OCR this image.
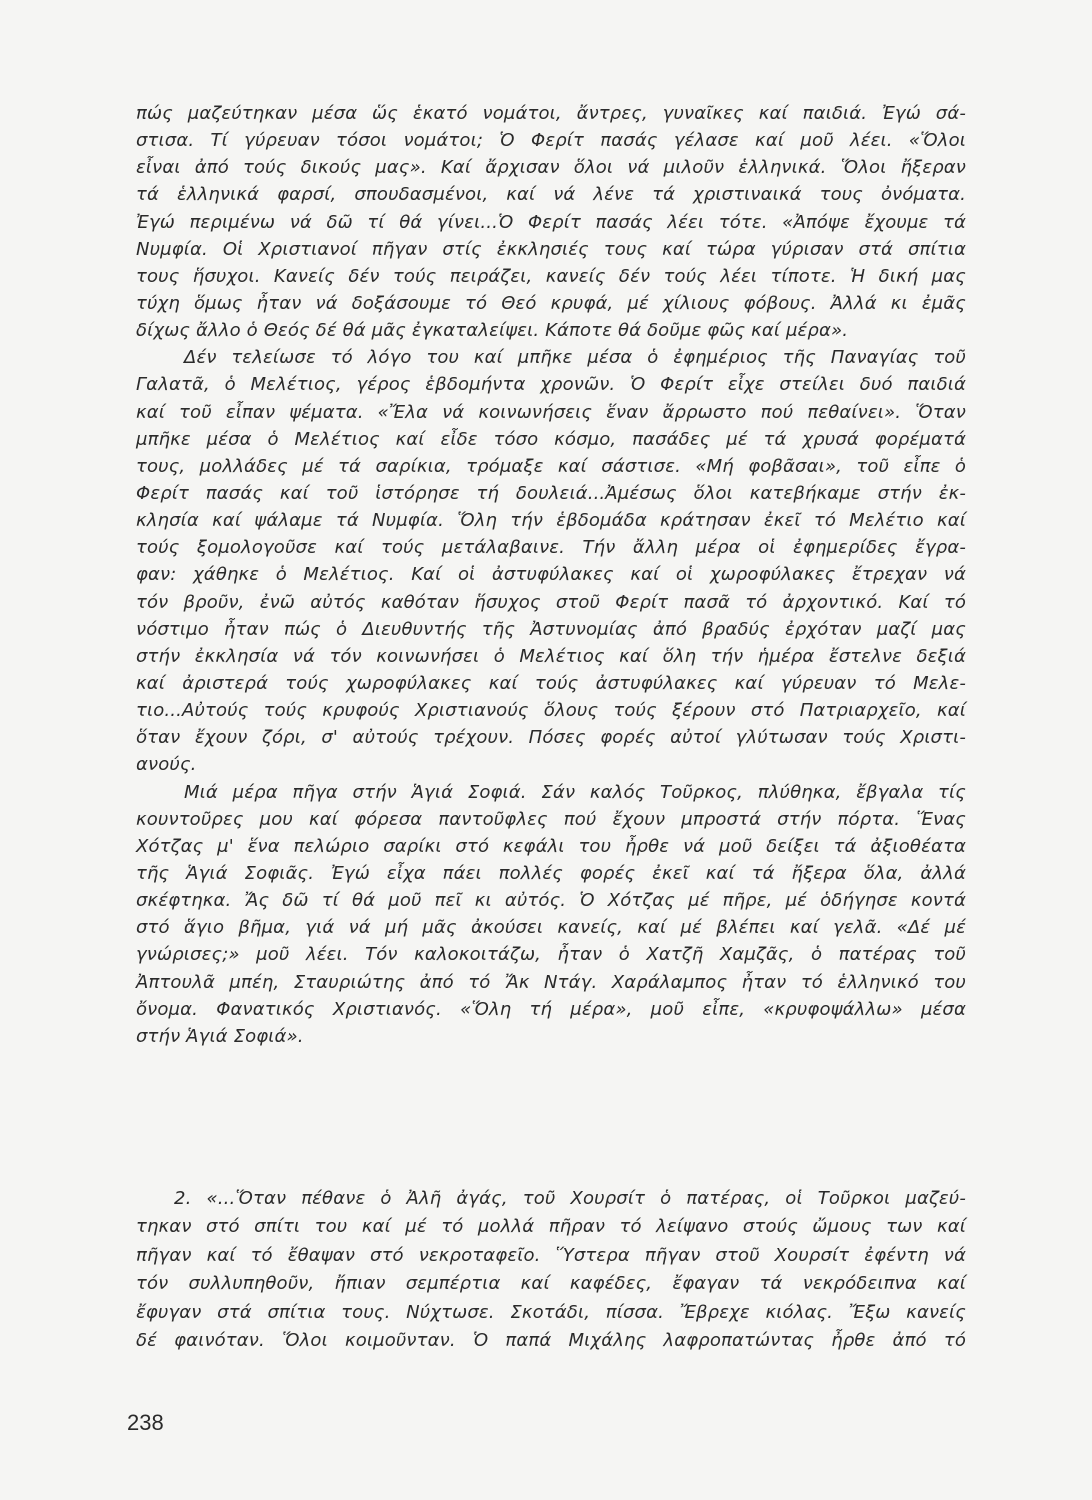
πώς μαζεύτηκαν μέσα ὥς ἑκατό νομάτοι, ἄντρες, γυναῖκες καί παιδιά. Ἐγώ σά-
στισα. Τί γύρευαν τόσοι νομάτοι; Ὁ Φερίτ πασάς γέλασε καί μοῦ λέει. «Ὅλοι
εἶναι ἀπό τούς δικούς μας». Καί ἄρχισαν ὅλοι νά μιλοῦν ἑλληνικά. Ὅλοι ἤξεραν
τά ἑλληνικά φαρσί, σπουδασμένοι, καί νά λένε τά χριστιναικά τους ὀνόματα.
Ἐγώ περιμένω νά δῶ τί θά γίνει...Ὁ Φερίτ πασάς λέει τότε. «Ἀπόψε ἔχουμε τά
Νυμφία. Οἱ Χριστιανοί πῆγαν στίς ἐκκλησιές τους καί τώρα γύρισαν στά σπίτια
τους ἥσυχοι. Κανείς δέν τούς πειράζει, κανείς δέν τούς λέει τίποτε. Ἡ δική μας
τύχη ὅμως ἦταν νά δοξάσουμε τό Θεό κρυφά, μέ χίλιους φόβους. Ἀλλά κι ἐμᾶς
δίχως ἄλλο ὁ Θεός δέ θά μᾶς ἐγκαταλείψει. Κάποτε θά δοῦμε φῶς καί μέρα».
Δέν τελείωσε τό λόγο του καί μπῆκε μέσα ὁ ἐφημέριος τῆς Παναγίας τοῦ
Γαλατᾶ, ὁ Μελέτιος, γέρος ἑβδομήντα χρονῶν. Ὁ Φερίτ εἶχε στείλει δυό παιδιά
καί τοῦ εἶπαν ψέματα. «Ἔλα νά κοινωνήσεις ἕναν ἄρρωστο πού πεθαίνει». Ὅταν
μπῆκε μέσα ὁ Μελέτιος καί εἶδε τόσο κόσμο, πασάδες μέ τά χρυσά φορέματά
τους, μολλάδες μέ τά σαρίκια, τρόμαξε καί σάστισε. «Μή φοβᾶσαι», τοῦ εἶπε ὁ
Φερίτ πασάς καί τοῦ ἱστόρησε τή δουλειά...Ἀμέσως ὅλοι κατεβήκαμε στήν ἐκ-
κλησία καί ψάλαμε τά Νυμφία. Ὅλη τήν ἑβδομάδα κράτησαν ἐκεῖ τό Μελέτιο καί
τούς ξομολογοῦσε καί τούς μετάλαβαινε. Τήν ἄλλη μέρα οἱ ἐφημερίδες ἔγρα-
φαν: χάθηκε ὁ Μελέτιος. Καί οἱ ἀστυφύλακες καί οἱ χωροφύλακες ἔτρεχαν νά
τόν βροῦν, ἐνῶ αὐτός καθόταν ἥσυχος στοῦ Φερίτ πασᾶ τό ἀρχοντικό. Καί τό
νόστιμο ἦταν πώς ὁ Διευθυντής τῆς Ἀστυνομίας ἀπό βραδύς ἐρχόταν μαζί μας
στήν ἐκκλησία νά τόν κοινωνήσει ὁ Μελέτιος καί ὅλη τήν ἡμέρα ἔστελνε δεξιά
καί ἀριστερά τούς χωροφύλακες καί τούς ἀστυφύλακες καί γύρευαν τό Μελε-
τιο...Αὐτούς τούς κρυφούς Χριστιανούς ὅλους τούς ξέρουν στό Πατριαρχεῖο, καί
ὅταν ἔχουν ζόρι, σ' αὐτούς τρέχουν. Πόσες φορές αὐτοί γλύτωσαν τούς Χριστι-
ανούς.
Μιά μέρα πῆγα στήν Ἁγιά Σοφιά. Σάν καλός Τοῦρκος, πλύθηκα, ἔβγαλα τίς
κουντοῦρες μου καί φόρεσα παντοῦφλες πού ἔχουν μπροστά στήν πόρτα. Ἕνας
Χότζας μ' ἕνα πελώριο σαρίκι στό κεφάλι του ἦρθε νά μοῦ δείξει τά ἀξιοθέατα
τῆς Ἁγιά Σοφιᾶς. Ἐγώ εἶχα πάει πολλές φορές ἐκεῖ καί τά ἤξερα ὅλα, ἀλλά
σκέφτηκα. Ἄς δῶ τί θά μοῦ πεῖ κι αὐτός. Ὁ Χότζας μέ πῆρε, μέ ὁδήγησε κοντά
στό ἅγιο βῆμα, γιά νά μή μᾶς ἀκούσει κανείς, καί μέ βλέπει καί γελᾶ. «Δέ μέ
γνώρισες;» μοῦ λέει. Τόν καλοκοιτάζω, ἦταν ὁ Χατζῆ Χαμζᾶς, ὁ πατέρας τοῦ
Ἀπτουλᾶ μπέη, Σταυριώτης ἀπό τό Ἄκ Ντάγ. Χαράλαμπος ἦταν τό ἑλληνικό του
ὄνομα. Φανατικός Χριστιανός. «Ὅλη τή μέρα», μοῦ εἶπε, «κρυφοψάλλω» μέσα
στήν Ἁγιά Σοφιά».
2. «...Ὅταν πέθανε ὁ Ἀλῆ ἀγάς, τοῦ Χουρσίτ ὁ πατέρας, οἱ Τοῦρκοι μαζεύ-
τηκαν στό σπίτι του καί μέ τό μολλά πῆραν τό λείψανο στούς ὤμους των καί
πῆγαν καί τό ἔθαψαν στό νεκροταφεῖο. Ὕστερα πῆγαν στοῦ Χουρσίτ ἐφέντη νά
τόν συλλυπηθοῦν, ἤπιαν σεμπέρτια καί καφέδες, ἔφαγαν τά νεκρόδειπνα καί
ἔφυγαν στά σπίτια τους. Νύχτωσε. Σκοτάδι, πίσσα. Ἔβρεχε κιόλας. Ἔξω κανείς
δέ φαινόταν. Ὅλοι κοιμοῦνταν. Ὁ παπά Μιχάλης λαφροπατώντας ἦρθε ἀπό τό
238
